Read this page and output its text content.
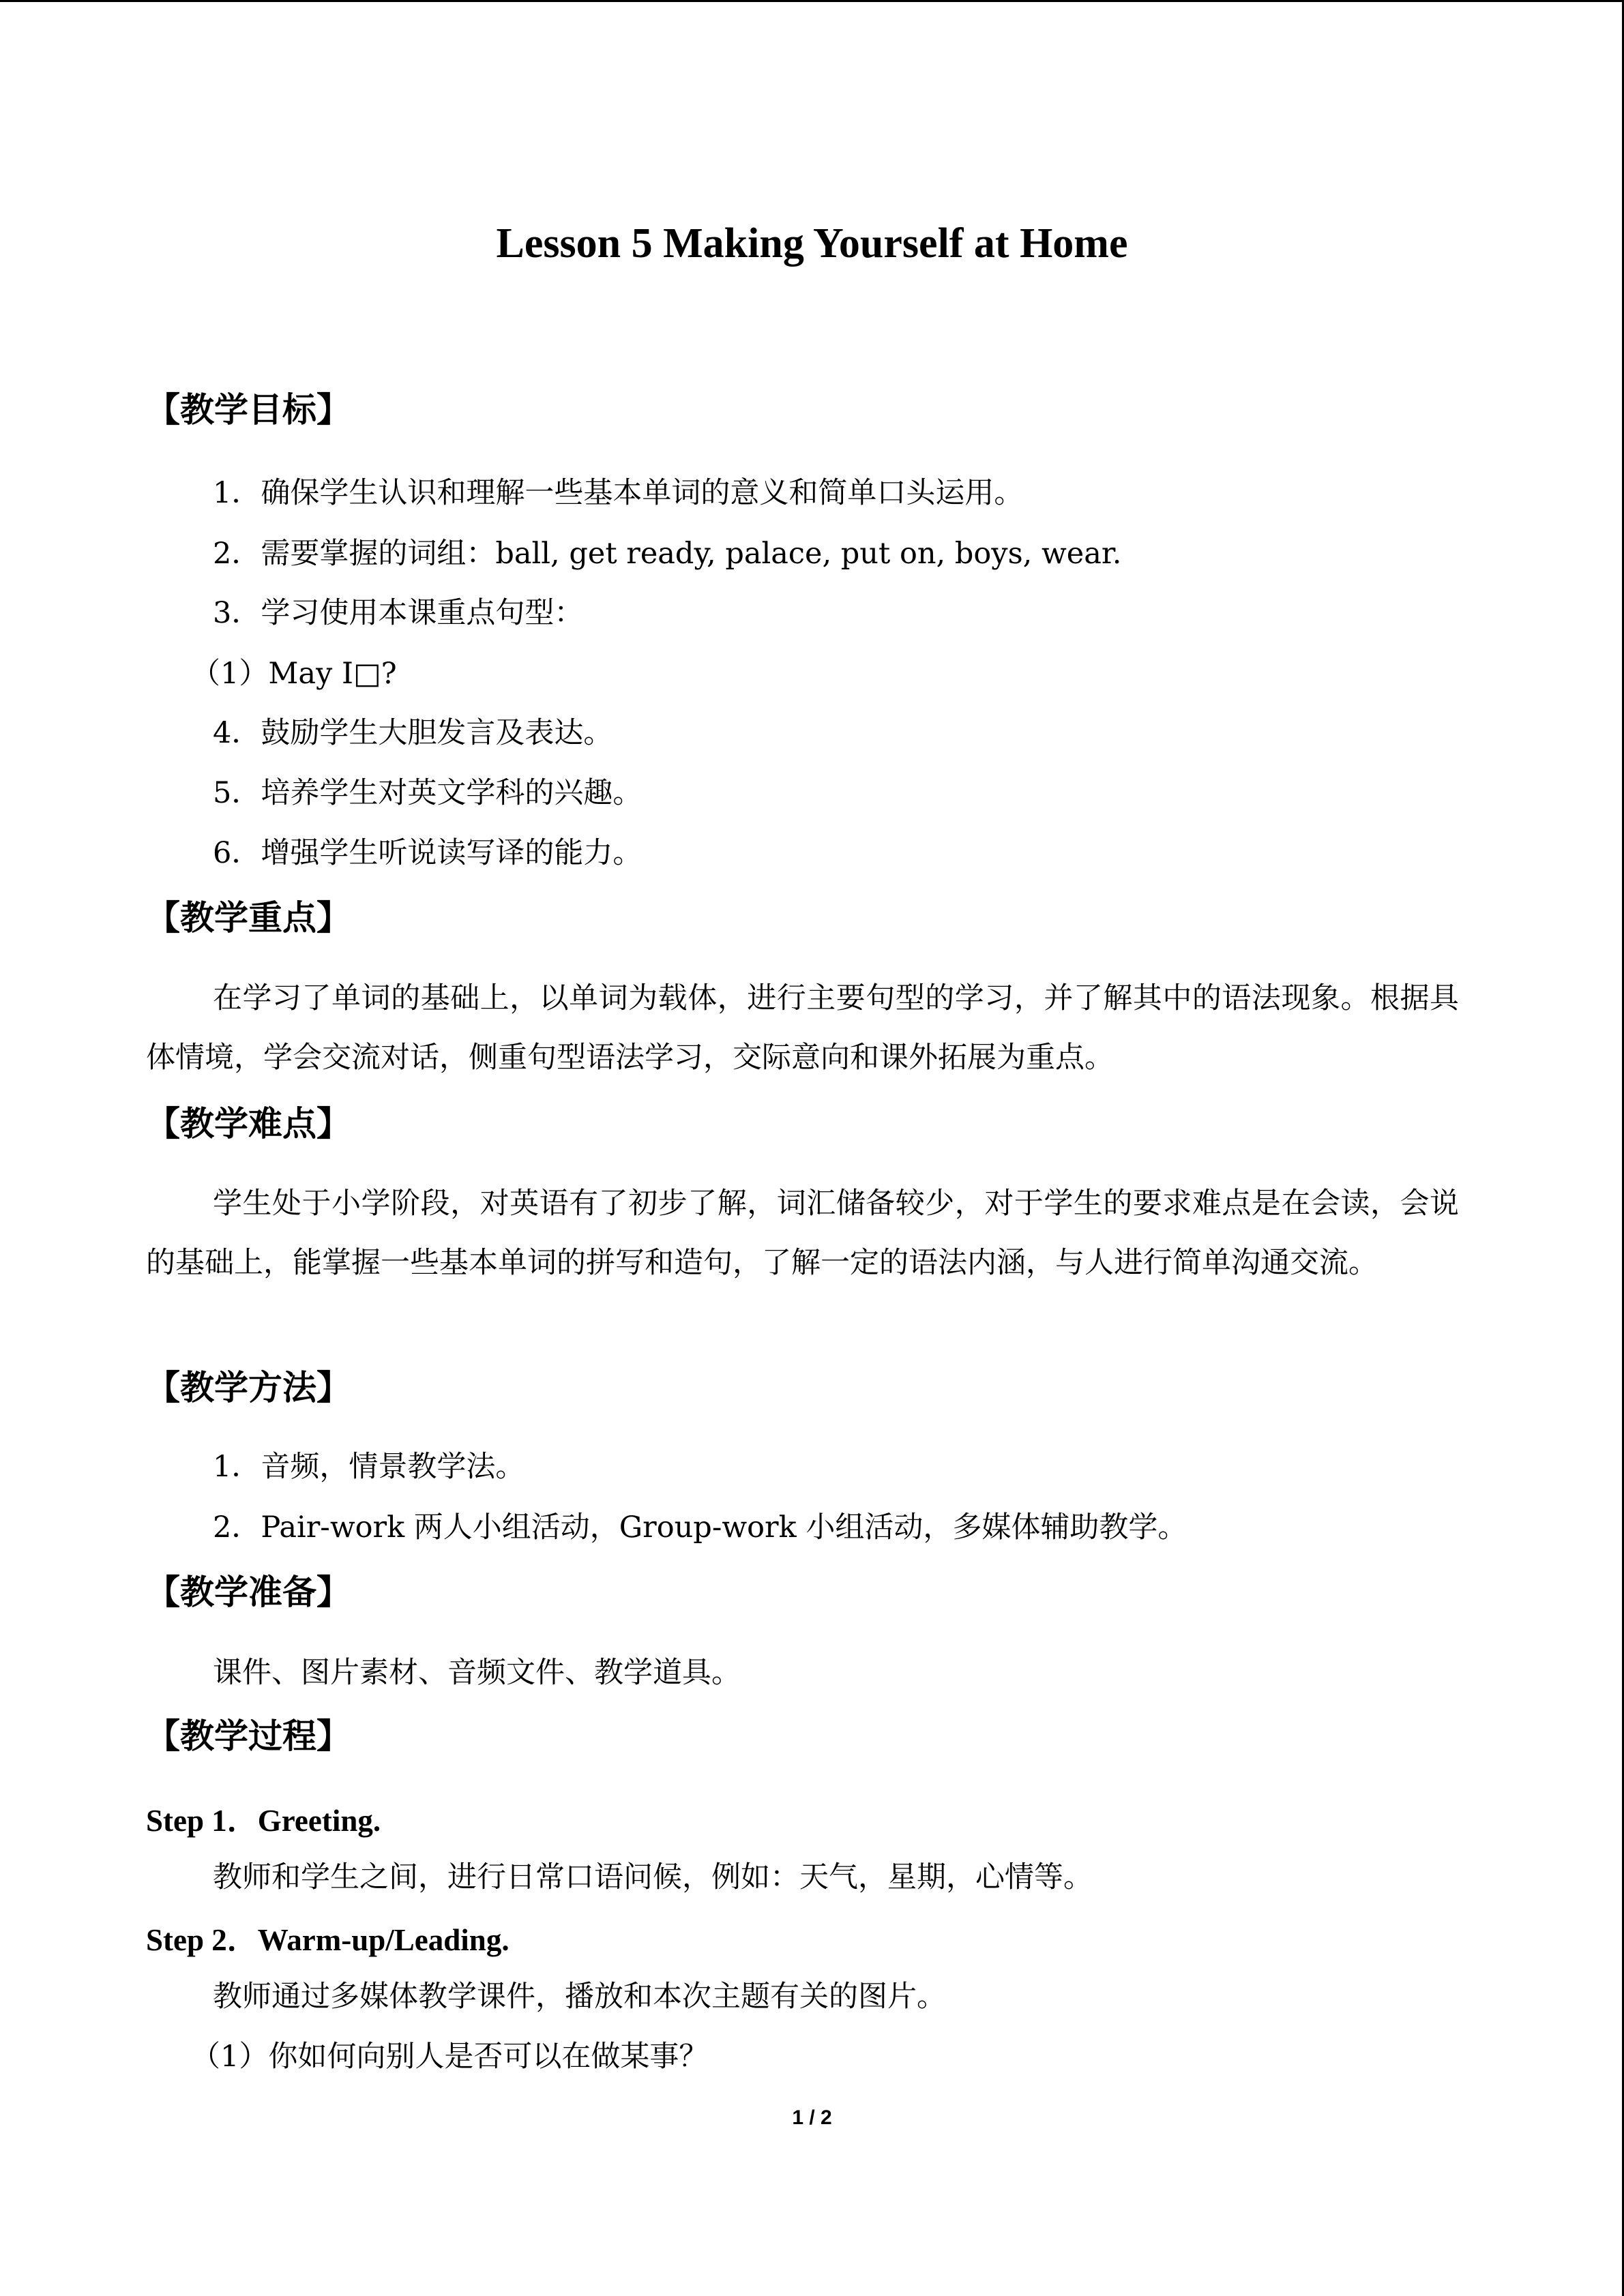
Lesson 5 Making Yourself at Home
【教学目标】
1．确保学生认识和理解一些基本单词的意义和简单口头运用。
2．需要掌握的词组：ball, get ready, palace, put on, boys, wear.
3．学习使用本课重点句型：
（1）May I□?
4．鼓励学生大胆发言及表达。
5．培养学生对英文学科的兴趣。
6．增强学生听说读写译的能力。
【教学重点】
在学习了单词的基础上，以单词为载体，进行主要句型的学习，并了解其中的语法现象。根据具体情境，学会交流对话，侧重句型语法学习，交际意向和课外拓展为重点。
【教学难点】
学生处于小学阶段，对英语有了初步了解，词汇储备较少，对于学生的要求难点是在会读，会说的基础上，能掌握一些基本单词的拼写和造句，了解一定的语法内涵，与人进行简单沟通交流。
【教学方法】
1．音频，情景教学法。
2．Pair-work 两人小组活动，Group-work 小组活动，多媒体辅助教学。
【教学准备】
课件、图片素材、音频文件、教学道具。
【教学过程】
Step 1．Greeting.
教师和学生之间，进行日常口语问候，例如：天气，星期，心情等。
Step 2．Warm-up/Leading.
教师通过多媒体教学课件，播放和本次主题有关的图片。
（1）你如何向别人是否可以在做某事？
1 / 2
